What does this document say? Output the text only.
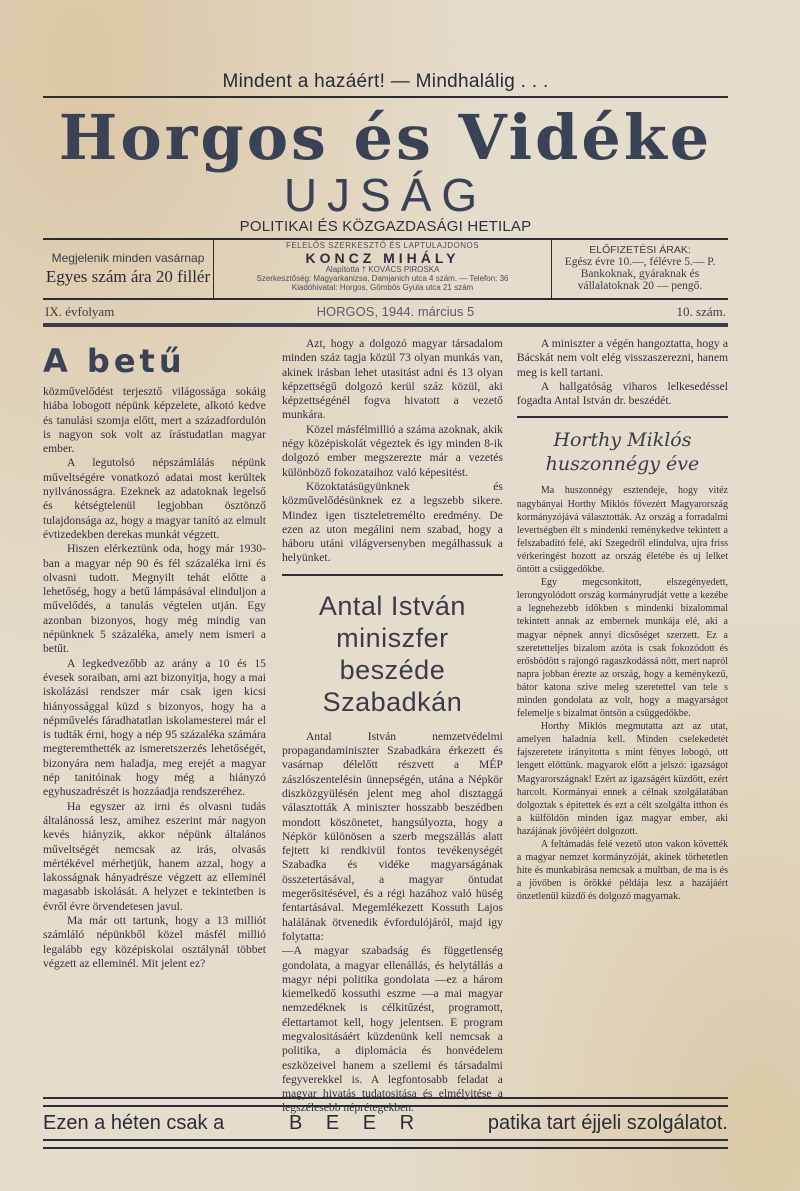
Mindent a hazáért! — Mindhalálig . . .
Horgos és Vidéke
UJSÁG
POLITIKAI ÉS KÖZGAZDASÁGI HETILAP
Megjelenik minden vasárnap
Egyes szám ára 20 fillér
FELELŐS SZERKESZTŐ ÉS LAPTULAJDONOS
KONCZ MIHÁLY
Alapította † KOVÁCS PIROSKA
Szerkesztőség: Magyarkanizsa, Damjanich utca 4 szám. — Telefon: 36
Kiadóhivatal: Horgos, Gömbös Gyula utca 21 szám
ELŐFIZETÉSI ÁRAK:
Egész évre 10.—, félévre 5.— P.
Bankoknak, gyáraknak és vállalatoknak 20 — pengő.
IX. évfolyam	HORGOS, 1944. március 5	10. szám.
A betű

közművelődést terjesztő világossága sokáig hiába lobogott népünk képzelete, alkotó kedve és tanulási szomja előtt, mert a századfordulón is nagyon sok volt az írástudatlan magyar ember.

A legutolsó népszámlálás népünk műveltségére vonatkozó adatai most kerültek nyilvánosságra. Ezeknek az adatoknak legelső és kétségtelenül legjobban ösztönző tulajdonsága az, hogy a magyar tanító az elmult évtizedekben derekas munkát végzett.

Hiszen elérkeztünk oda, hogy már 1930-ban a magyar nép 90 és fél százaléka irni és olvasni tudott. Megnyilt tehát előtte a lehetőség, hogy a betű lámpásával elinduljon a művelődés, a tanulás végtelen utján. Egy azonban bizonyos, hogy még mindig van népünknek 5 százaléka, amely nem ismeri a betűt.

A legkedvezőbb az arány a 10 és 15 évesek soraiban, ami azt bizonyitja, hogy a mai iskolázási rendszer már csak igen kicsi hiányossággal küzd s bizonyos, hogy ha a népművelés fáradhatatlan iskolamesterei már el is tudták érni, hogy a nép 95 százaléka számára megteremthették az ismeretszerzés lehetőségét, bizonyára nem haladja, meg erejét a magyar nép tanitóinak hogy még a hiányzó egyhuszadrészét is hozzáadja rendszeréhez.

Ha egyszer az irni és olvasni tudás általánossá lesz, amihez eszerint már nagyon kevés hiányzik, akkor népünk általános műveltségét nemcsak az irás, olvasás mértékével mérhetjük, hanem azzal, hogy a lakosságnak hányadrésze végzett az elleminél magasabb iskolását. A helyzet e tekintetben is évről évre örvendetesen javul.

Ma már ott tartunk, hogy a 13 milliót számláló népünkből közel másfél millió legalább egy középiskolai osztálynál többet végzett az elleminél. Mit jelent ez?

Azt, hogy a dolgozó magyar társadalom minden száz tagja közül 73 olyan munkás van, akinek irásban lehet utasitást adni és 13 olyan képzettségű dolgozó kerül száz közül, aki képzettségénél fogva hivatott a vezető munkára.

Közel másfélmillió a száma azoknak, akik négy középiskolát végeztek és igy minden 8-ik dolgozó ember megszerezte már a vezetés különböző fokozataihoz való képesitést.

Közoktatásügyünknek és közművelődésünknek ez a legszebb sikere. Mindez igen tiszteletremélto eredmény. De ezen az uton megálini nem szabad, hogy a háboru utáni világversenyben megálhassuk a helyünket.

Antal István miniszfer beszéde Szabadkán

Antal István nemzetvédelmi propagandaminiszter Szabadkára érkezett és vasárnap délelőtt részvett a MÉP zászlószentelésin ünnepségén, utána a Népkör diszközgyülésén jelent meg ahol disztaggá választották A miniszter hosszabb beszédben mondott köszönetet, hangsúlyozta, hogy a Népkör különösen a szerb megszállás alatt fejtett ki rendkivül fontos tevékenységét Szabadka és vidéke magyarságának összetertásával, a magyar öntudat megerősitésével, és a régi hazához való hüség fentartásával. Megemlékezett Kossuth Lajos halálának ötvenedik évfordulójáról, majd igy folytatta:

—A magyar szabadság és függetlenség gondolata, a magyar ellenállás, és helytállás a magyr népi politika gondolata —ez a három kiemelkedő kossuthi eszme —a mai magyar nemzedéknek is célkitűzést, programott, élettartamot kell, hogy jelentsen. E program megvalositásáért küzdenünk kell nemcsak a politika, a diplomácia és honvédelem eszközeivel hanem a szellemi és társadalmi fegyverekkel is. A legfontosabb feladat a magyar hivatás tudatositása és elmélyitése a legszélesebb néprétegekben.

A miniszter a végén hangoztatta, hogy a Bácskát nem volt elég visszaszerezni, hanem meg is kell tartani.

A hallgatóság viharos lelkesedéssel fogadta Antal István dr. beszédét.

Horthy Miklós
huszonnégy éve

Ma huszonnégy esztendeje, hogy vitéz nagybányai Horthy Miklós fővezért Magyarország kormányzójává választották. Az ország a forradalmi levertségben élt s mindenki reménykedve tekintett a felszabadító felé, aki Szegedről elindulva, ujra friss vérkeringést hozott az ország életébe és uj lelket öntött a csüggedőkbe.

Egy megcsonkitott, elszegényedett, lerongyolódott ország kormányrudját vette a kezébe a legnehezebb időkben s mindenki bizalommal tekintett annak az embernek munkája elé, aki a magyar népnek annyi dicsőséget szerzett. Ez a szeretetteljes bizalom azóta is csak fokozódott és erősbödött s rajongó ragaszkodássá nőtt, mert napról napra jobban érezte az ország, hogy a keménykezű, bátor katona szive meleg szeretettel van tele s minden gondolata az volt, hogy a magyarságot felemelje s bizalmat öntsön a csüggedőkbe.

Horthy Miklós megmutatta azt az utat, amelyen haladnia kell. Minden cselekedetét fajszeretete irányitotta s mint fényes lobogó, ott lengett előttünk. magyarok előtt a jelszó: igazságot Magyarországnak! Ezért az igazságért küzdött, ezért harcolt. Kormányai ennek a célnak szolgálatában dolgoztak s épitettek és ezt a célt szolgálta itthon és a külföldön minden igaz magyar ember, aki hazájának jövőjéért dolgozott.

A feltámadás felé vezető uton vakon követték a magyar nemzet kormányzóját, akinek törhetetlen hite és munkabirása nemcsak a multban, de ma is és a jövőben is örökké példája lesz a hazájáért önzetlenül küzdő és dolgozó magyarnak.

Ezen a héten csak a	B E E R	patika tart éjjeli szolgálatot.
